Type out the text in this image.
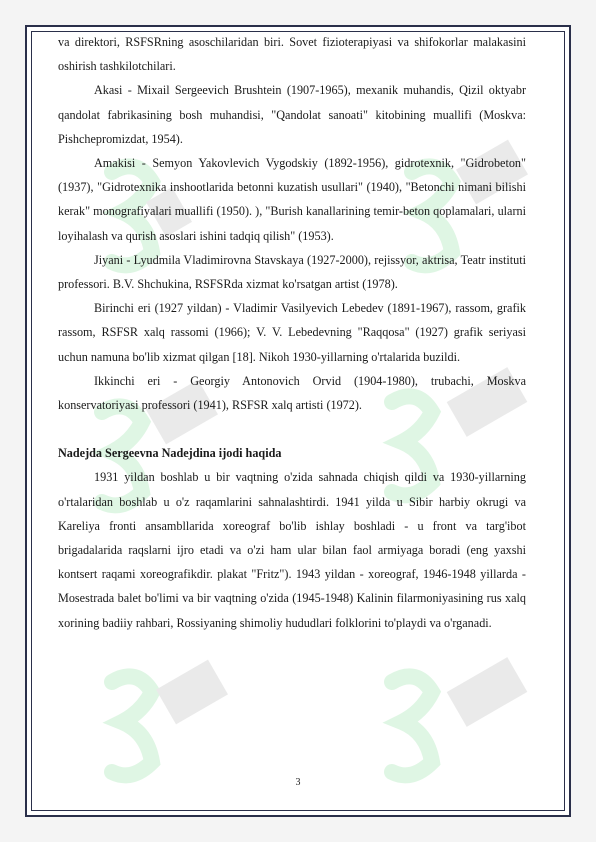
va direktori, RSFSRning asoschilaridan biri. Sovet fizioterapiyasi va shifokorlar malakasini oshirish tashkilotchilari.

Akasi - Mixail Sergeevich Brushtein (1907-1965), mexanik muhandis, Qizil oktyabr qandolat fabrikasining bosh muhandisi, "Qandolat sanoati" kitobining muallifi (Moskva: Pishchepromizdat, 1954).

Amakisi - Semyon Yakovlevich Vygodskiy (1892-1956), gidrotexnik, "Gidrobeton" (1937), "Gidrotexnika inshootlarida betonni kuzatish usullari" (1940), "Betonchi nimani bilishi kerak" monografiyalari muallifi (1950). ), "Burish kanallarining temir-beton qoplamalari, ularni loyihalash va qurish asoslari ishini tadqiq qilish" (1953).

Jiyani - Lyudmila Vladimirovna Stavskaya (1927-2000), rejissyor, aktrisa, Teatr instituti professori. B.V. Shchukina, RSFSRda xizmat ko'rsatgan artist (1978).

Birinchi eri (1927 yildan) - Vladimir Vasilyevich Lebedev (1891-1967), rassom, grafik rassom, RSFSR xalq rassomi (1966); V. V. Lebedevning "Raqqosa" (1927) grafik seriyasi uchun namuna bo'lib xizmat qilgan [18]. Nikoh 1930-yillarning o'rtalarida buzildi.

Ikkinchi eri - Georgiy Antonovich Orvid (1904-1980), trubachi, Moskva konservatoriyasi professori (1941), RSFSR xalq artisti (1972).

Nadejda Sergeevna Nadejdina ijodi haqida

1931 yildan boshlab u bir vaqtning o'zida sahnada chiqish qildi va 1930-yillarning o'rtalaridan boshlab u o'z raqamlarini sahnalashtirdi. 1941 yilda u Sibir harbiy okrugi va Kareliya fronti ansambllarida xoreograf bo'lib ishlay boshladi - u front va targ'ibot brigadalarida raqslarni ijro etadi va o'zi ham ular bilan faol armiyaga boradi (eng yaxshi kontsert raqami xoreografikdir. plakat "Fritz"). 1943 yildan - xoreograf, 1946-1948 yillarda - Mosestrada balet bo'limi va bir vaqtning o'zida (1945-1948) Kalinin filarmoniyasining rus xalq xorining badiiy rahbari, Rossiyaning shimoliy hududlari folklorini to'playdi va o'rganadi.

3
